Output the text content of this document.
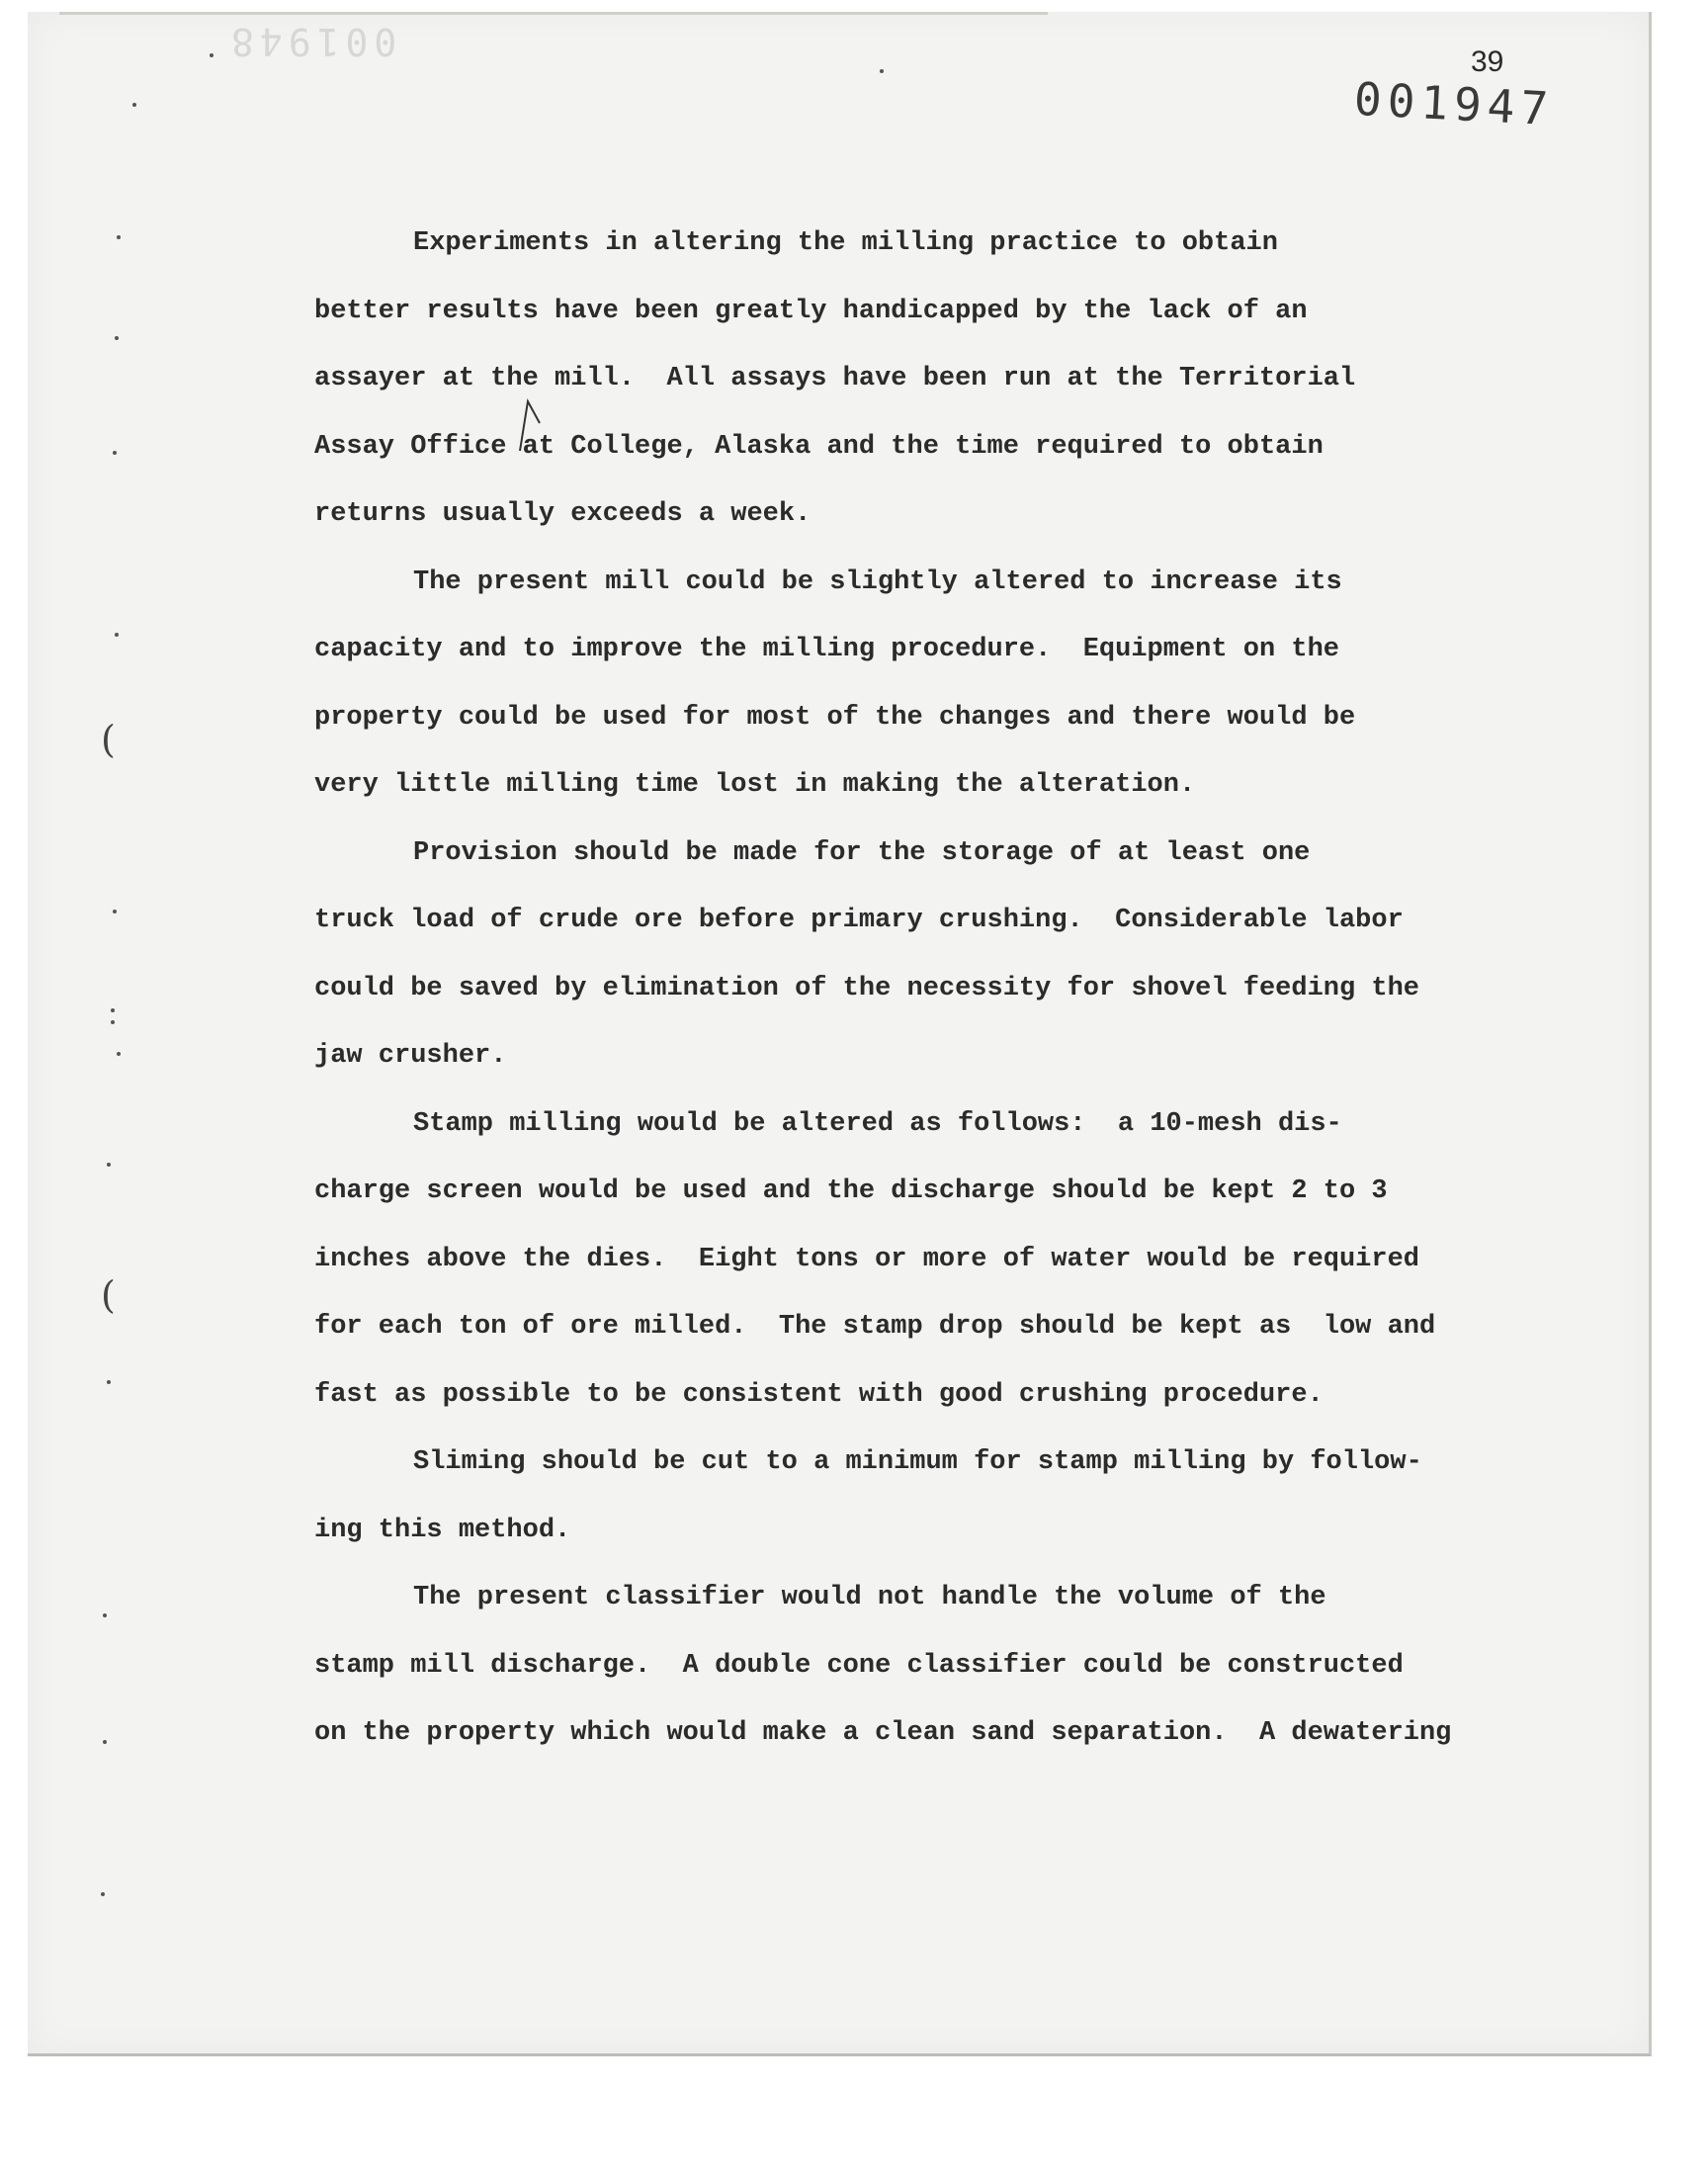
001948	39
001947
(
(
Experiments in altering the milling practice to obtain
better results have been greatly handicapped by the lack of an
assayer at the mill.  All assays have been run at the Territorial
Assay Office at College, Alaska and the time required to obtain
returns usually exceeds a week.
The present mill could be slightly altered to increase its
capacity and to improve the milling procedure.  Equipment on the
property could be used for most of the changes and there would be
very little milling time lost in making the alteration.
Provision should be made for the storage of at least one
truck load of crude ore before primary crushing.  Considerable labor
could be saved by elimination of the necessity for shovel feeding the
jaw crusher.
Stamp milling would be altered as follows:  a 10-mesh dis-
charge screen would be used and the discharge should be kept 2 to 3
inches above the dies.  Eight tons or more of water would be required
for each ton of ore milled.  The stamp drop should be kept as  low and
fast as possible to be consistent with good crushing procedure.
Sliming should be cut to a minimum for stamp milling by follow-
ing this method.
The present classifier would not handle the volume of the
stamp mill discharge.  A double cone classifier could be constructed
on the property which would make a clean sand separation.  A dewatering
